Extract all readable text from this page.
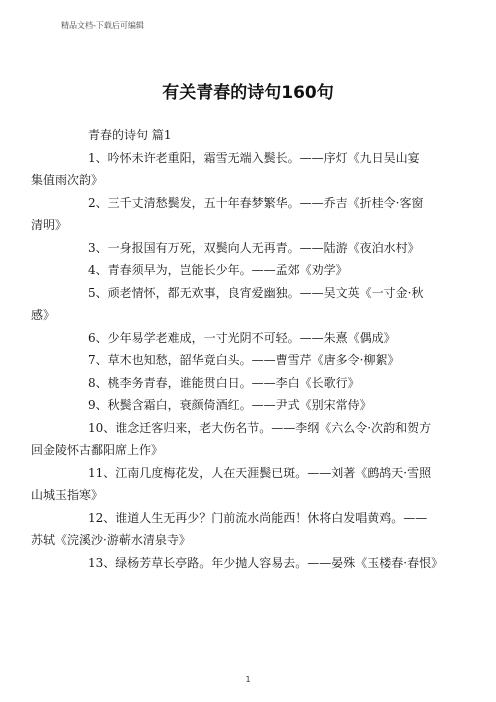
精品文档-下载后可编辑
有关青春的诗句160句

青春的诗句 篇1

1、吟怀未许老重阳，霜雪无端入鬓长。——序灯《九日吴山宴
集值雨次韵》

2、三千丈清愁鬓发，五十年春梦繁华。——乔吉《折桂令·客窗
清明》

3、一身报国有万死，双鬓向人无再青。——陆游《夜泊水村》

4、青春须早为，岂能长少年。——孟郊《劝学》

5、顽老情怀，都无欢事，良宵爱幽独。——吴文英《一寸金·秋
感》

6、少年易学老难成，一寸光阴不可轻。——朱熹《偶成》

7、草木也知愁，韶华竟白头。——曹雪芹《唐多令·柳絮》

8、桃李务青春，谁能贯白日。——李白《长歌行》

9、秋鬓含霜白，衰颜倚酒红。——尹式《别宋常侍》

10、谁念迁客归来，老大伤名节。——李纲《六么令·次韵和贺方
回金陵怀古鄱阳席上作》

11、江南几度梅花发，人在天涯鬓已斑。——刘著《鹧鸪天·雪照
山城玉指寒》

12、谁道人生无再少？门前流水尚能西！休将白发唱黄鸡。——
苏轼《浣溪沙·游蕲水清泉寺》

13、绿杨芳草长亭路。年少抛人容易去。——晏殊《玉楼春·春恨》

1
